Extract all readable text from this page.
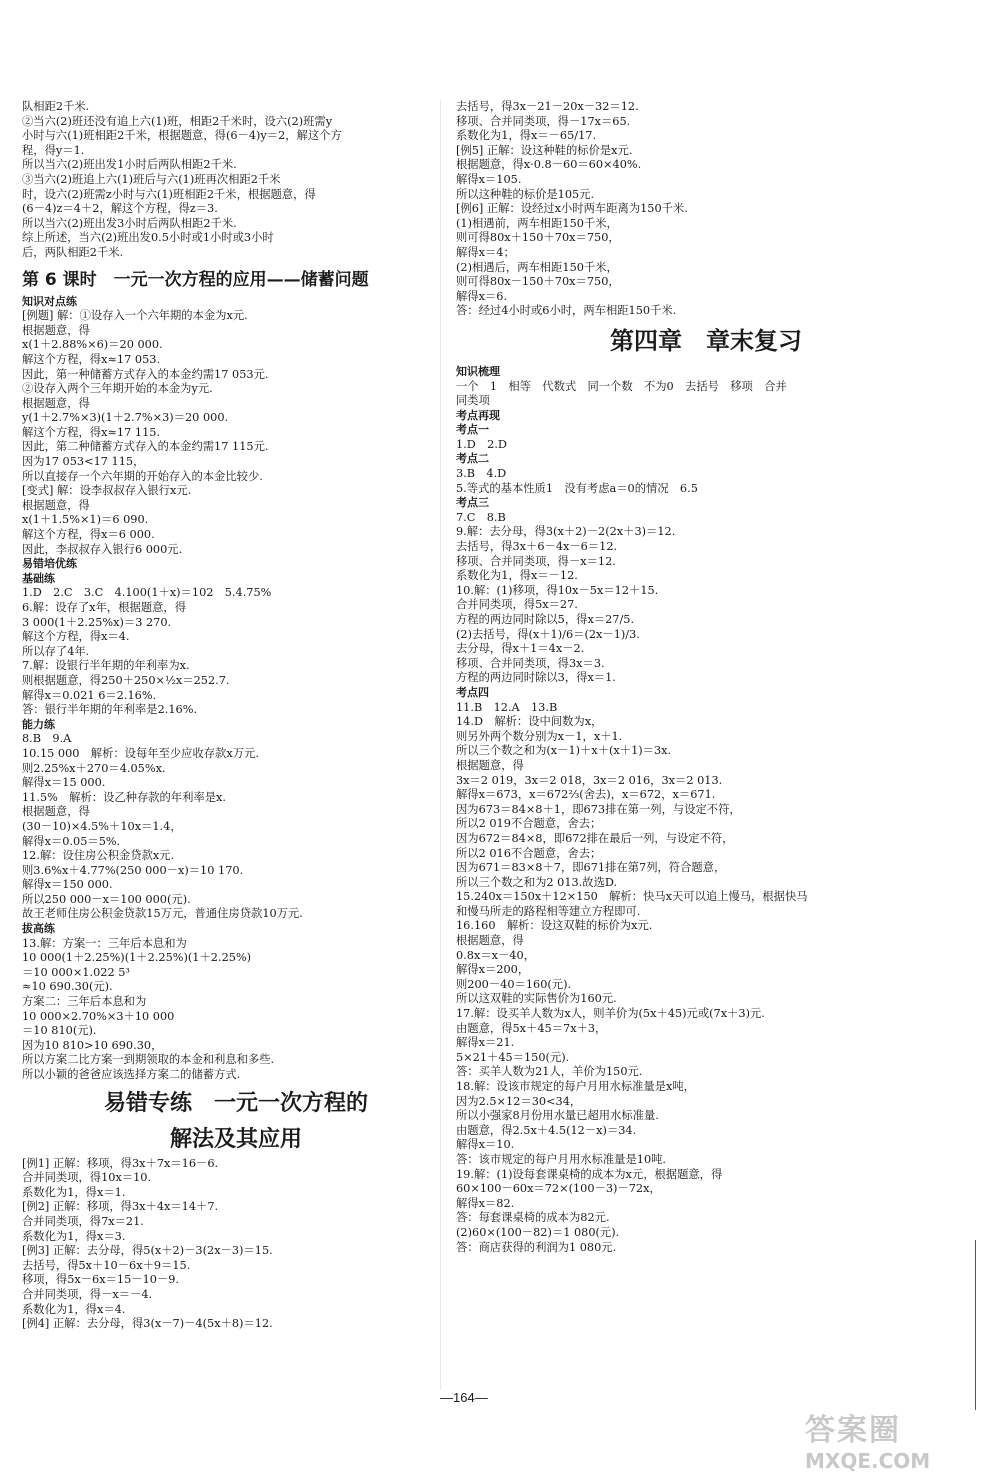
队相距2千米.
②当六(2)班还没有追上六(1)班，相距2千米时，设六(2)班需y
小时与六(1)班相距2千米，根据题意，得(6－4)y＝2，解这个方
程，得y＝1.
所以当六(2)班出发1小时后两队相距2千米.
③当六(2)班追上六(1)班后与六(1)班再次相距2千米
时，设六(2)班需z小时与六(1)班相距2千米，根据题意，得
(6－4)z＝4＋2，解这个方程，得z＝3.
所以当六(2)班出发3小时后两队相距2千米.
综上所述，当六(2)班出发0.5小时或1小时或3小时
后，两队相距2千米.
第 6 课时　一元一次方程的应用——储蓄问题
知识对点练
[例题] 解：①设存入一个六年期的本金为x元.
根据题意，得
x(1＋2.88%×6)＝20 000.
解这个方程，得x≈17 053.
因此，第一种储蓄方式存入的本金约需17 053元.
②设存入两个三年期开始的本金为y元.
根据题意，得
y(1＋2.7%×3)(1＋2.7%×3)＝20 000.
解这个方程，得x≈17 115.
因此，第二种储蓄方式存入的本金约需17 115元.
因为17 053<17 115，
所以直接存一个六年期的开始存入的本金比较少.
[变式] 解：设李叔叔存入银行x元.
根据题意，得
x(1＋1.5%×1)＝6 090.
解这个方程，得x＝6 000.
因此，李叔叔存入银行6 000元.
易错培优练
基础练
1.D　2.C　3.C　4.100(1＋x)＝102　5.4.75%
6.解：设存了x年，根据题意，得
3 000(1＋2.25%x)＝3 270.
解这个方程，得x＝4.
所以存了4年.
7.解：设银行半年期的年利率为x.
则根据题意，得250＋250×½x＝252.7.
解得x＝0.021 6＝2.16%.
答：银行半年期的年利率是2.16%.
能力练
8.B　9.A
10.15 000　解析：设每年至少应收存款x万元.
则2.25%x＋270＝4.05%x.
解得x＝15 000.
11.5%　解析：设乙种存款的年利率是x.
根据题意，得
(30－10)×4.5%＋10x＝1.4，
解得x＝0.05＝5%.
12.解：设住房公积金贷款x元.
则3.6%x＋4.77%(250 000－x)＝10 170.
解得x＝150 000.
所以250 000－x＝100 000(元).
故王老师住房公积金贷款15万元，普通住房贷款10万元.
拔高练
13.解：方案一：三年后本息和为
10 000(1＋2.25%)(1＋2.25%)(1＋2.25%)
＝10 000×1.022 5³
≈10 690.30(元).
方案二：三年后本息和为
10 000×2.70%×3＋10 000
＝10 810(元).
因为10 810>10 690.30，
所以方案二比方案一到期领取的本金和利息和多些.
所以小颖的爸爸应该选择方案二的储蓄方式.
易错专练　一元一次方程的
解法及其应用
[例1] 正解：移项，得3x＋7x＝16－6.
合并同类项，得10x＝10.
系数化为1，得x＝1.
[例2] 正解：移项，得3x＋4x＝14＋7.
合并同类项，得7x＝21.
系数化为1，得x＝3.
[例3] 正解：去分母，得5(x＋2)－3(2x－3)＝15.
去括号，得5x＋10－6x＋9＝15.
移项，得5x－6x＝15－10－9.
合并同类项，得－x＝－4.
系数化为1，得x＝4.
[例4] 正解：去分母，得3(x－7)－4(5x＋8)＝12.
去括号，得3x－21－20x－32＝12.
移项、合并同类项，得－17x＝65.
系数化为1，得x＝－65/17.
[例5] 正解：设这种鞋的标价是x元.
根据题意，得x·0.8－60＝60×40%.
解得x＝105.
所以这种鞋的标价是105元.
[例6] 正解：设经过x小时两车距离为150千米.
(1)相遇前，两车相距150千米，
则可得80x＋150＋70x＝750，
解得x＝4；
(2)相遇后，两车相距150千米，
则可得80x－150＋70x＝750，
解得x＝6.
答：经过4小时或6小时，两车相距150千米.
第四章　章末复习
知识梳理
一个　1　相等　代数式　同一个数　不为0　去括号　移项　合并
同类项
考点再现
考点一
1.D　2.D
考点二
3.B　4.D
5.等式的基本性质1　没有考虑a＝0的情况　6.5
考点三
7.C　8.B
9.解：去分母，得3(x＋2)－2(2x＋3)＝12.
去括号，得3x＋6－4x－6＝12.
移项、合并同类项，得－x＝12.
系数化为1，得x＝－12.
10.解：(1)移项，得10x－5x＝12＋15.
合并同类项，得5x＝27.
方程的两边同时除以5，得x＝27/5.
(2)去括号，得(x＋1)/6＝(2x－1)/3.
去分母，得x＋1＝4x－2.
移项、合并同类项，得3x＝3.
方程的两边同时除以3，得x＝1.
考点四
11.B　12.A　13.B
14.D　解析：设中间数为x，
则另外两个数分别为x－1，x＋1.
所以三个数之和为(x－1)＋x＋(x＋1)＝3x.
根据题意，得
3x＝2 019，3x＝2 018，3x＝2 016，3x＝2 013.
解得x＝673，x＝672⅔(舍去)，x＝672，x＝671.
因为673＝84×8＋1，即673排在第一列，与设定不符，
所以2 019不合题意，舍去；
因为672＝84×8，即672排在最后一列，与设定不符，
所以2 016不合题意，舍去；
因为671＝83×8＋7，即671排在第7列，符合题意，
所以三个数之和为2 013.故选D.
15.240x＝150x＋12×150　解析：快马x天可以追上慢马，根据快马
和慢马所走的路程相等建立方程即可.
16.160　解析：设这双鞋的标价为x元.
根据题意，得
0.8x＝x－40，
解得x＝200，
则200－40＝160(元).
所以这双鞋的实际售价为160元.
17.解：设买羊人数为x人，则羊价为(5x＋45)元或(7x＋3)元.
由题意，得5x＋45＝7x＋3，
解得x＝21.
5×21＋45＝150(元).
答：买羊人数为21人，羊价为150元.
18.解：设该市规定的每户月用水标准量是x吨，
因为2.5×12＝30<34，
所以小强家8月份用水量已超用水标准量.
由题意，得2.5x＋4.5(12－x)＝34.
解得x＝10.
答：该市规定的每户月用水标准量是10吨.
19.解：(1)设每套课桌椅的成本为x元，根据题意，得
60×100－60x＝72×(100－3)－72x，
解得x＝82.
答：每套课桌椅的成本为82元.
(2)60×(100－82)＝1 080(元).
答：商店获得的利润为1 080元.
—164—
答案圈
MXQE.COM
